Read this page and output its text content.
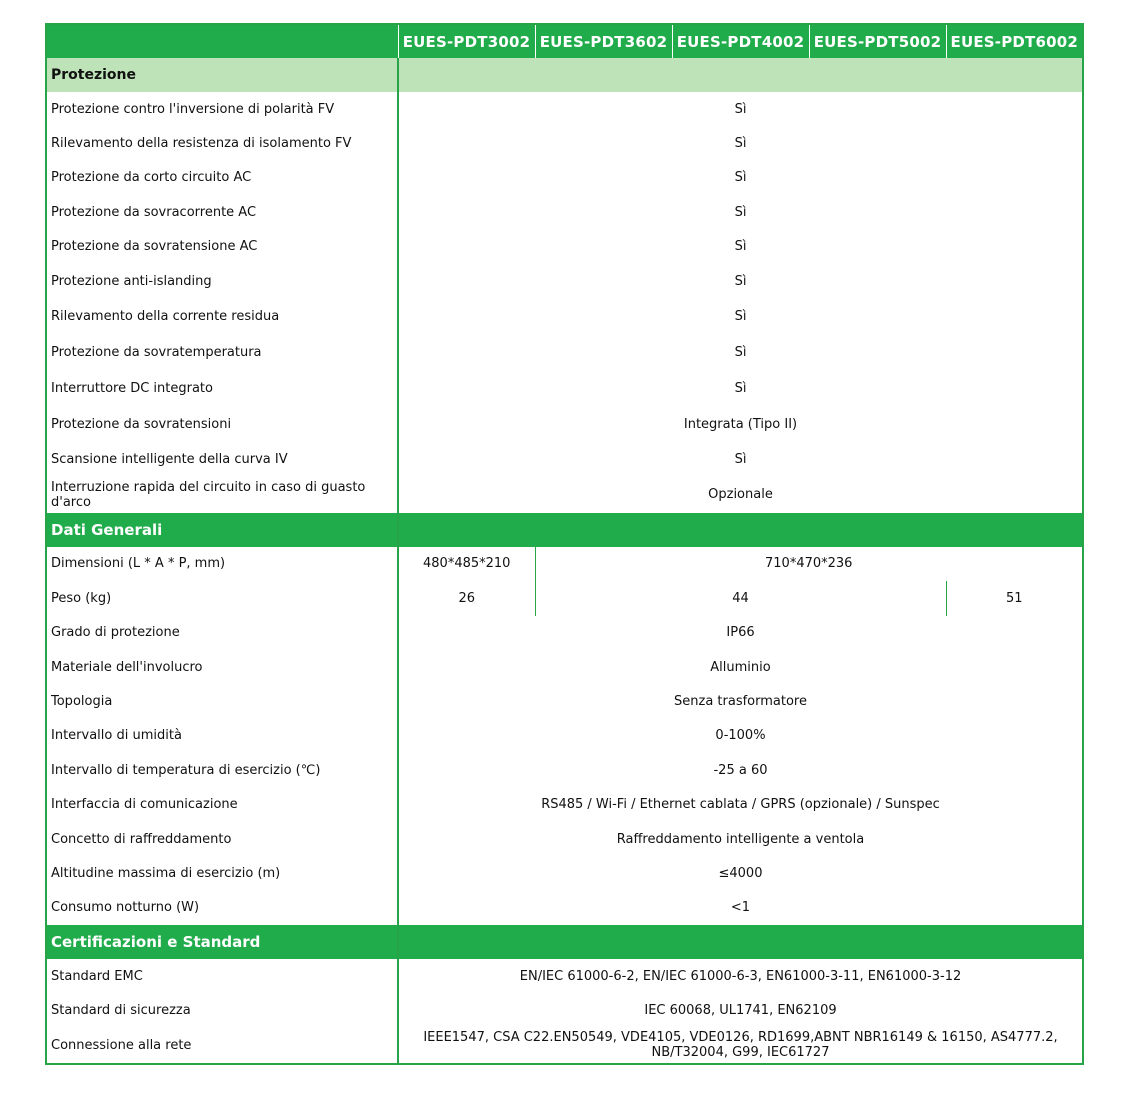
	EUES-PDT3002	EUES-PDT3602	EUES-PDT4002	EUES-PDT5002	EUES-PDT6002
Protezione					
Protezione contro l'inversione di polarità FV	Sì				
Rilevamento della resistenza di isolamento FV	Sì				
Protezione da corto circuito AC	Sì				
Protezione da sovracorrente AC	Sì				
Protezione da sovratensione AC	Sì				
Protezione anti-islanding	Sì				
Rilevamento della corrente residua	Sì				
Protezione da sovratemperatura	Sì				
Interruttore DC integrato	Sì				
Protezione da sovratensioni	Integrata (Tipo II)				
Scansione intelligente della curva IV	Sì				
Interruzione rapida del circuito in caso di guasto d'arco	Opzionale				
Dati Generali					
Dimensioni (L * A * P, mm)	480*485*210	710*470*236			
Peso (kg)	26	44			51
Grado di protezione	IP66				
Materiale dell'involucro	Alluminio				
Topologia	Senza trasformatore				
Intervallo di umidità	0-100%				
Intervallo di temperatura di esercizio (℃)	-25 a 60				
Interfaccia di comunicazione	RS485 / Wi-Fi / Ethernet cablata / GPRS (opzionale) / Sunspec				
Concetto di raffreddamento	Raffreddamento intelligente a ventola				
Altitudine massima di esercizio (m)	≤4000				
Consumo notturno (W)	<1				
Certificazioni e Standard					
Standard EMC	EN/IEC 61000-6-2, EN/IEC 61000-6-3, EN61000-3-11, EN61000-3-12				
Standard di sicurezza	IEC 60068, UL1741, EN62109				
Connessione alla rete	IEEE1547, CSA C22.EN50549, VDE4105, VDE0126, RD1699,ABNT NBR16149 & 16150, AS4777.2, NB/T32004, G99, IEC61727				
